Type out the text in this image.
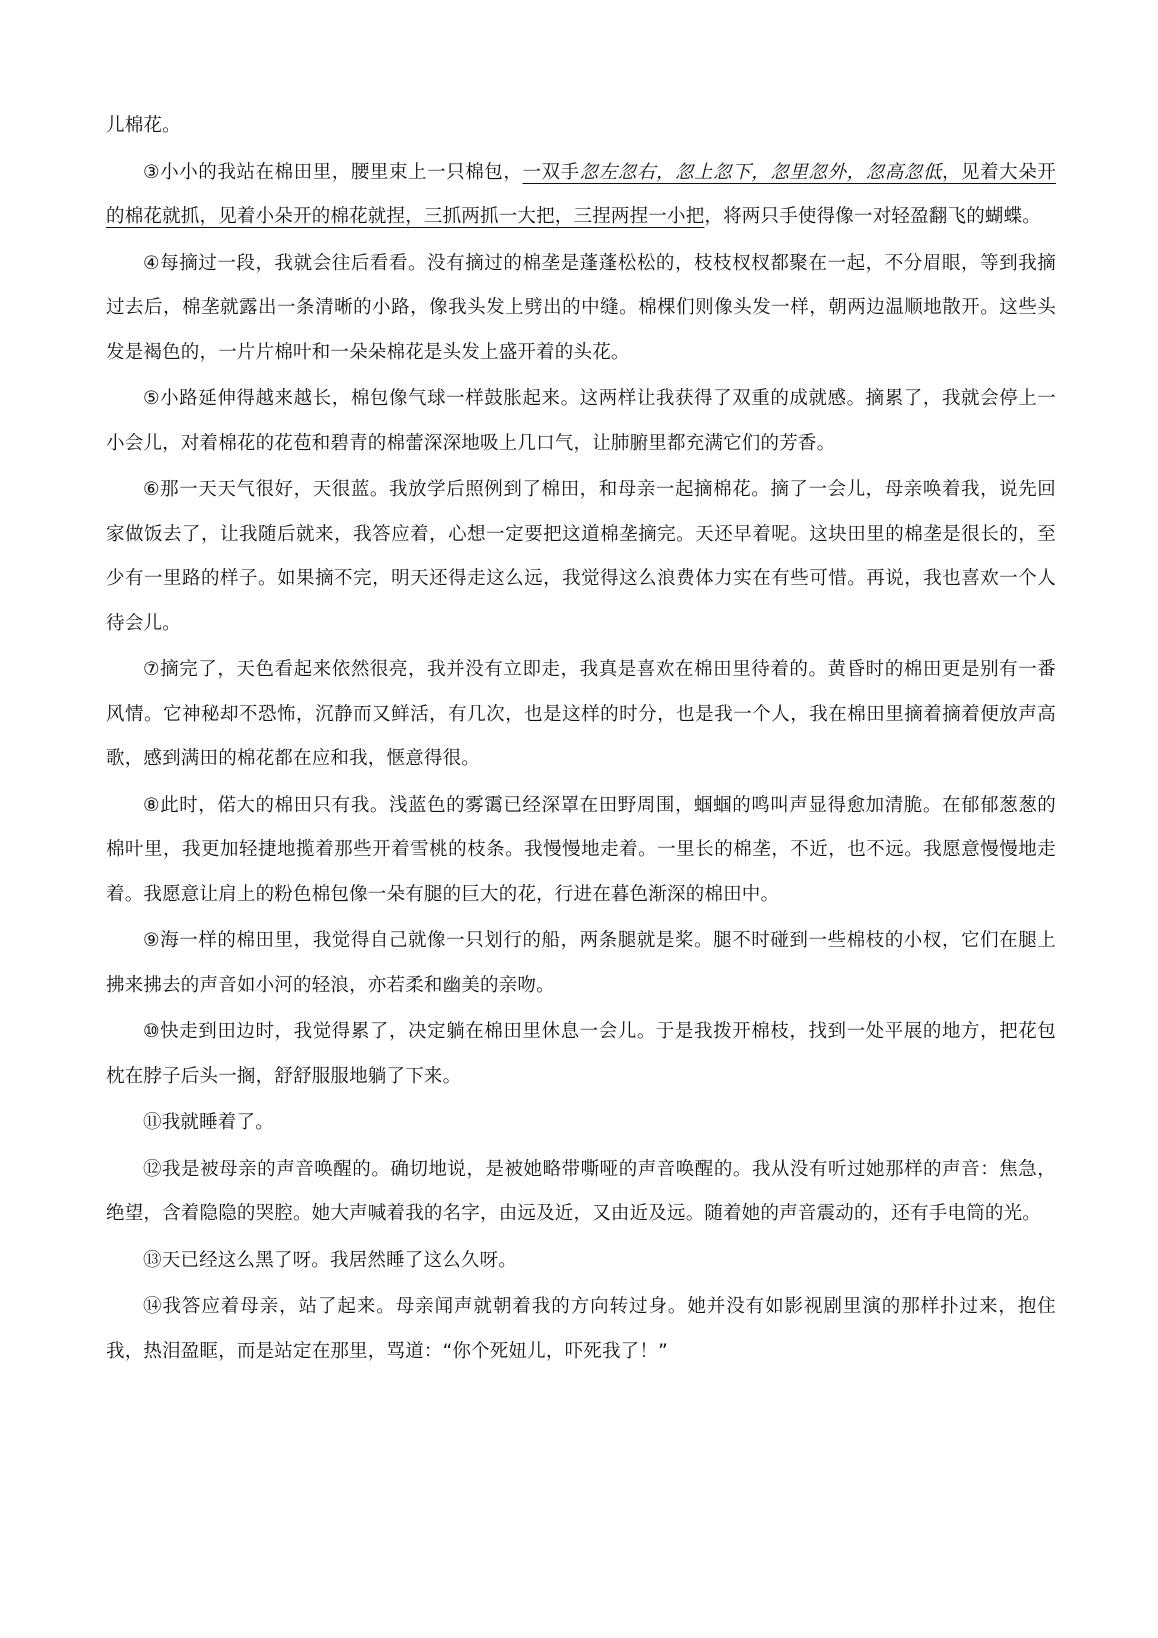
儿棉花。

③小小的我站在棉田里，腰里束上一只棉包，一双手忽左忽右，忽上忽下，忽里忽外，忽高忽低，见着大朵开的棉花就抓，见着小朵开的棉花就捏，三抓两抓一大把，三捏两捏一小把，将两只手使得像一对轻盈翻飞的蝴蝶。

④每摘过一段，我就会往后看看。没有摘过的棉垄是蓬蓬松松的，枝枝杈杈都聚在一起，不分眉眼，等到我摘过去后，棉垄就露出一条清晰的小路，像我头发上劈出的中缝。棉棵们则像头发一样，朝两边温顺地散开。这些头发是褐色的，一片片棉叶和一朵朵棉花是头发上盛开着的头花。

⑤小路延伸得越来越长，棉包像气球一样鼓胀起来。这两样让我获得了双重的成就感。摘累了，我就会停上一小会儿，对着棉花的花苞和碧青的棉蕾深深地吸上几口气，让肺腑里都充满它们的芳香。

⑥那一天天气很好，天很蓝。我放学后照例到了棉田，和母亲一起摘棉花。摘了一会儿，母亲唤着我，说先回家做饭去了，让我随后就来，我答应着，心想一定要把这道棉垄摘完。天还早着呢。这块田里的棉垄是很长的，至少有一里路的样子。如果摘不完，明天还得走这么远，我觉得这么浪费体力实在有些可惜。再说，我也喜欢一个人待会儿。

⑦摘完了，天色看起来依然很亮，我并没有立即走，我真是喜欢在棉田里待着的。黄昏时的棉田更是别有一番风情。它神秘却不恐怖，沉静而又鲜活，有几次，也是这样的时分，也是我一个人，我在棉田里摘着摘着便放声高歌，感到满田的棉花都在应和我，惬意得很。

⑧此时，偌大的棉田只有我。浅蓝色的雾霭已经深罩在田野周围，蝈蝈的鸣叫声显得愈加清脆。在郁郁葱葱的棉叶里，我更加轻捷地揽着那些开着雪桃的枝条。我慢慢地走着。一里长的棉垄，不近，也不远。我愿意慢慢地走着。我愿意让肩上的粉色棉包像一朵有腿的巨大的花，行进在暮色渐深的棉田中。

⑨海一样的棉田里，我觉得自己就像一只划行的船，两条腿就是桨。腿不时碰到一些棉枝的小杈，它们在腿上拂来拂去的声音如小河的轻浪，亦若柔和幽美的亲吻。

⑩快走到田边时，我觉得累了，决定躺在棉田里休息一会儿。于是我拨开棉枝，找到一处平展的地方，把花包枕在脖子后头一搁，舒舒服服地躺了下来。

⑪我就睡着了。

⑫我是被母亲的声音唤醒的。确切地说，是被她略带嘶哑的声音唤醒的。我从没有听过她那样的声音：焦急，绝望，含着隐隐的哭腔。她大声喊着我的名字，由远及近，又由近及远。随着她的声音震动的，还有手电筒的光。

⑬天已经这么黑了呀。我居然睡了这么久呀。

⑭我答应着母亲，站了起来。母亲闻声就朝着我的方向转过身。她并没有如影视剧里演的那样扑过来，抱住我，热泪盈眶，而是站定在那里，骂道：“你个死妞儿，吓死我了！”
